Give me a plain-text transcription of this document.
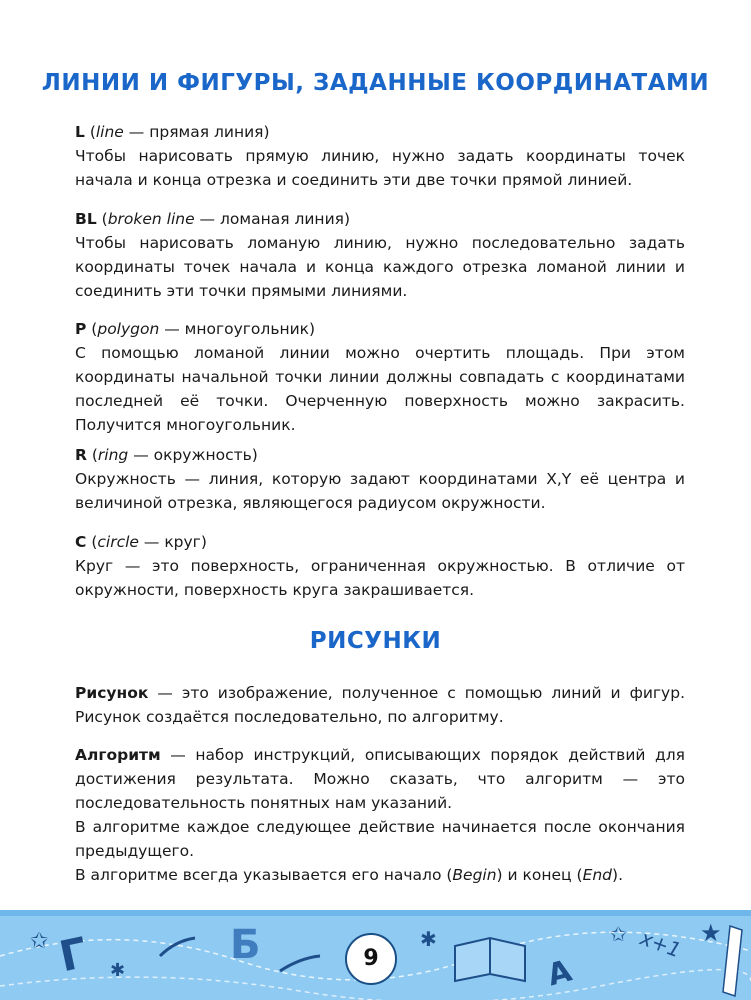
ЛИНИИ И ФИГУРЫ, ЗАДАННЫЕ КООРДИНАТАМИ
L (line — прямая линия)

Чтобы нарисовать прямую линию, нужно задать координаты точек начала и конца отрезка и соединить эти две точки прямой линией.

BL (broken line — ломаная линия)

Чтобы нарисовать ломаную линию, нужно последовательно задать координаты точек начала и конца каждого отрезка ломаной линии и соединить эти точки прямыми линиями.

P (polygon — многоугольник)

С помощью ломаной линии можно очертить площадь. При этом координаты начальной точки линии должны совпадать с координатами последней её точки. Очерченную поверхность можно закрасить. Получится многоугольник.

R (ring — окружность)

Окружность — линия, которую задают координатами X,Y её центра и величиной отрезка, являющегося радиусом окружности.

C (circle — круг)

Круг — это поверхность, ограниченная окружностью. В отличие от окружности, поверхность круга закрашивается.

РИСУНКИ

Рисунок — это изображение, полученное с помощью линий и фигур. Рисунок создаётся последовательно, по алгоритму.

Алгоритм — набор инструкций, описывающих порядок действий для достижения результата. Можно сказать, что алгоритм — это последовательность понятных нам указаний.

В алгоритме каждое следующее действие начинается после окончания предыдущего.

В алгоритме всегда указывается его начало (Begin) и конец (End).

✩
✱
✱	✩	★
Г	Б
A
x+1
9
